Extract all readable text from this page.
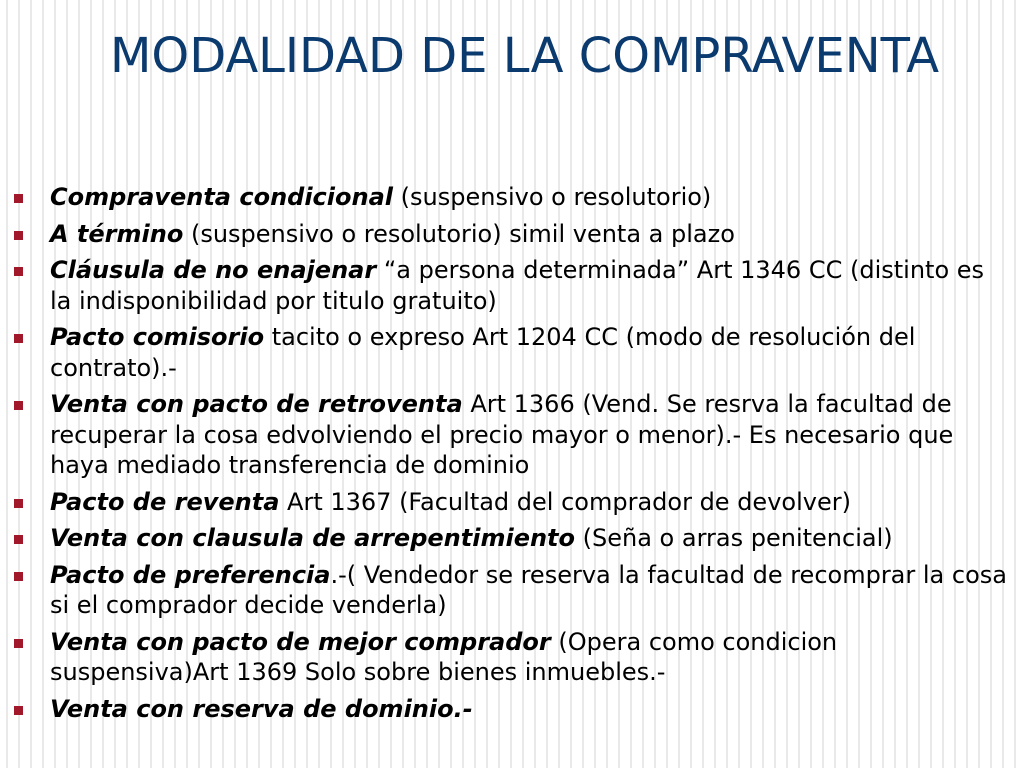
MODALIDAD DE LA COMPRAVENTA
Compraventa condicional (suspensivo o resolutorio)
A término (suspensivo o resolutorio) simil venta a plazo
Cláusula de no enajenar “a persona determinada” Art 1346 CC (distinto es la indisponibilidad por titulo gratuito)
Pacto comisorio tacito o expreso Art 1204 CC (modo de resolución del contrato).-
Venta con pacto de retroventa Art 1366 (Vend. Se resrva la facultad de recuperar la cosa edvolviendo el precio mayor o menor).- Es necesario que haya mediado transferencia de dominio
Pacto de reventa Art 1367 (Facultad del comprador de devolver)
Venta con clausula de arrepentimiento (Seña o arras penitencial)
Pacto de preferencia.-( Vendedor se reserva la facultad de recomprar la cosa si el comprador decide venderla)
Venta con pacto de mejor comprador (Opera como condicion suspensiva)Art 1369 Solo sobre bienes inmuebles.-
Venta con reserva de dominio.-
